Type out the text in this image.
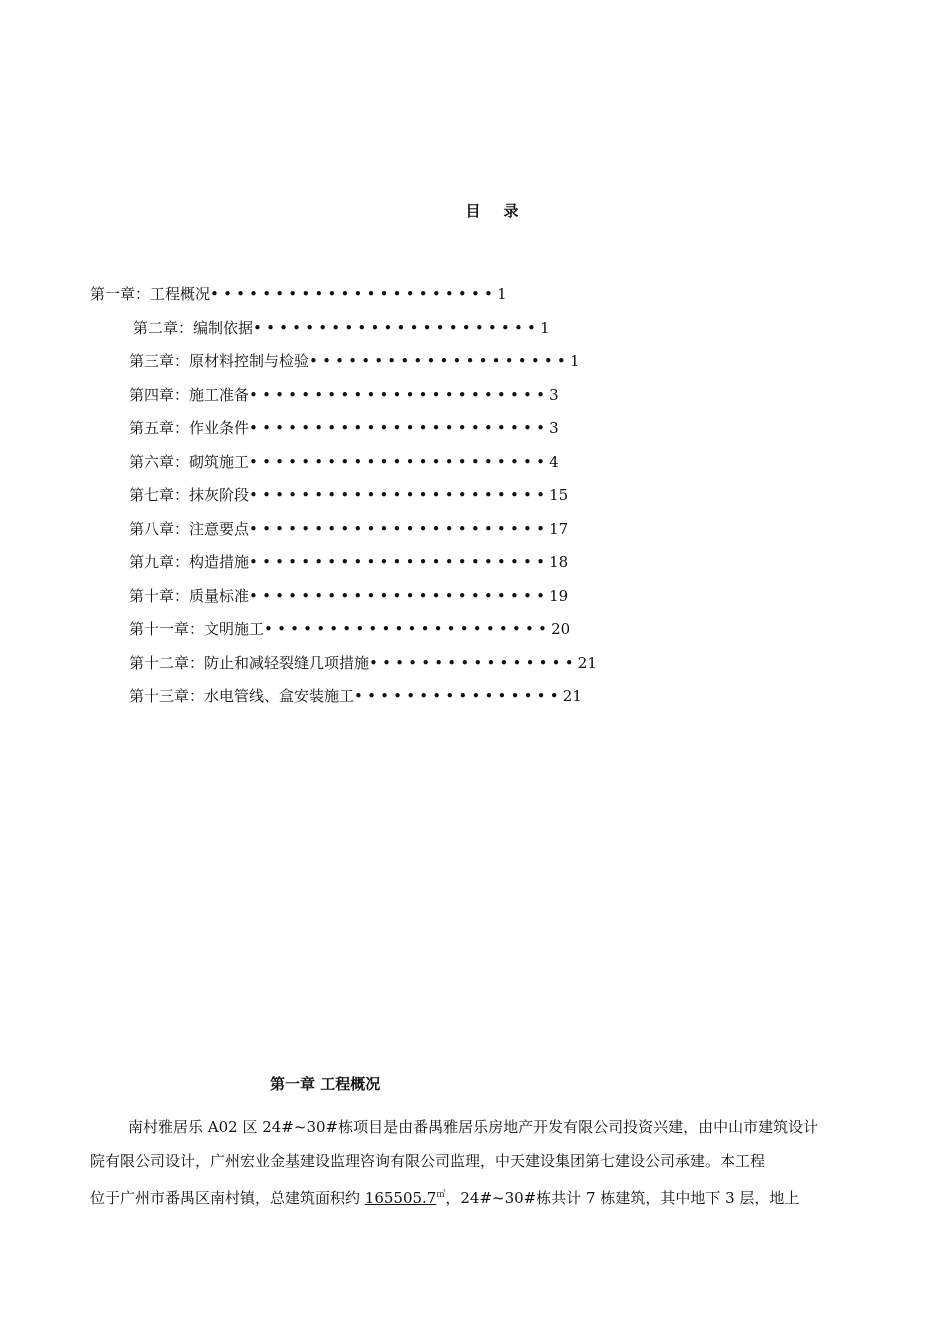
目 录
第一章：工程概况••••••••••••••••••••••1
第二章：编制依据••••••••••••••••••••••1
第三章：原材料控制与检验••••••••••••••••••••1
第四章：施工准备•••••••••••••••••••••••3
第五章：作业条件•••••••••••••••••••••••3
第六章：砌筑施工•••••••••••••••••••••••4
第七章：抹灰阶段•••••••••••••••••••••••15
第八章：注意要点•••••••••••••••••••••••17
第九章：构造措施•••••••••••••••••••••••18
第十章：质量标准•••••••••••••••••••••••19
第十一章：文明施工••••••••••••••••••••••20
第十二章：防止和减轻裂缝几项措施••••••••••••••••21
第十三章：水电管线、盒安装施工••••••••••••••••21
第一章 工程概况
南村雅居乐 A02 区 24#~30#栋项目是由番禺雅居乐房地产开发有限公司投资兴建，由中山市建筑设计
院有限公司设计，广州宏业金基建设监理咨询有限公司监理，中天建设集团第七建设公司承建。本工程
位于广州市番禺区南村镇，总建筑面积约 165505.7㎡，24#~30#栋共计 7 栋建筑，其中地下 3 层，地上
